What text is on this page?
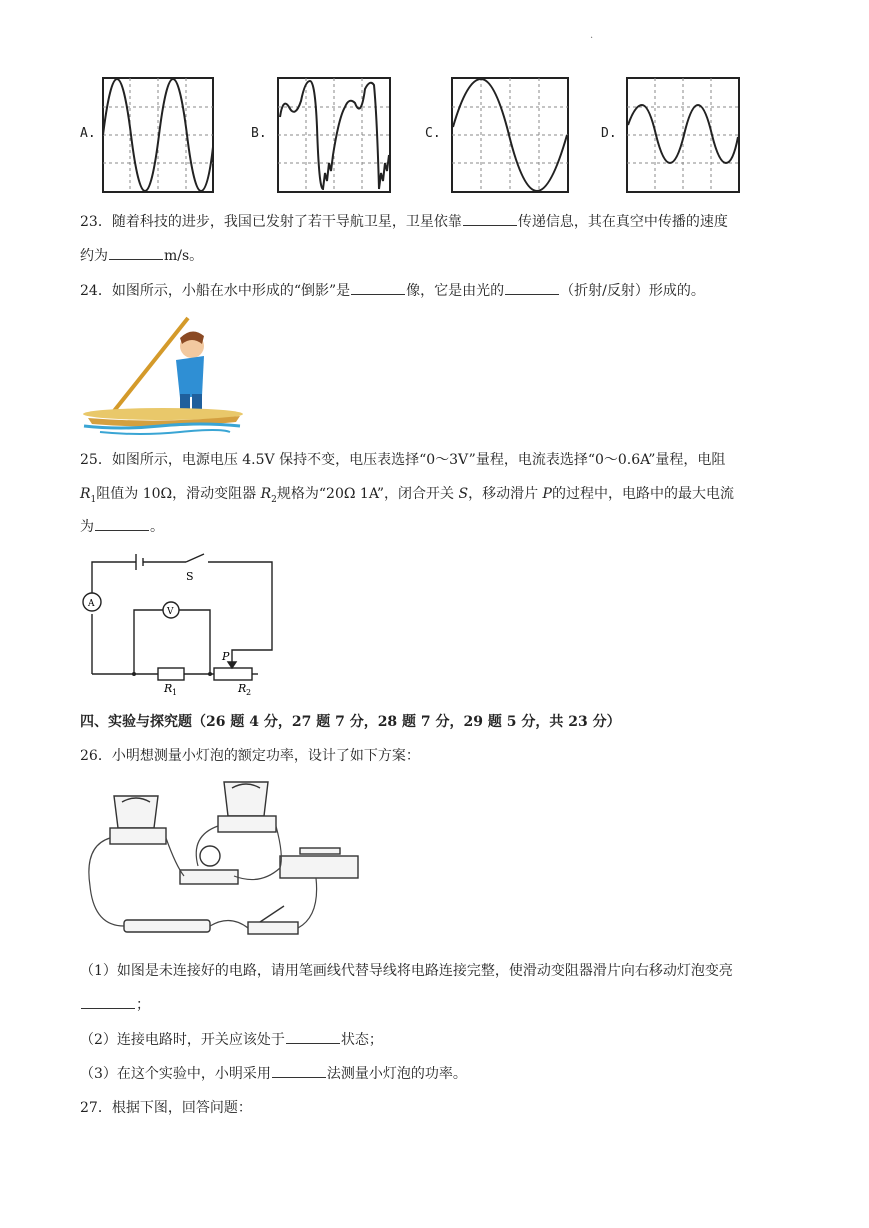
.
A.	B.	C.	D.
23．随着科技的进步，我国已发射了若干导航卫星，卫星依靠	传递信息，其在真空中传播的速度
约为	m/s。
24．如图所示，小船在水中形成的“倒影”是	像，它是由光的	（折射/反射）形成的。
25．如图所示，电源电压 4.5V 保持不变，电压表选择“0～3V”量程，电流表选择“0～0.6A”量程，电阻
$R_1$阻值为 10Ω，滑动变阻器 $R_2$规格为“20Ω 1A”，闭合开关 S，移动滑片 P的过程中，电路中的最大电流
为	。
A
V
S
P
R 1	R 2
四、实验与探究题（26 题 4 分，27 题 7 分，28 题 7 分，29 题 5 分，共 23 分）
26．小明想测量小灯泡的额定功率，设计了如下方案：
（1）如图是未连接好的电路，请用笔画线代替导线将电路连接完整，使滑动变阻器滑片向右移动灯泡变亮
；
（2）连接电路时，开关应该处于	状态；
（3）在这个实验中，小明采用	法测量小灯泡的功率。
27．根据下图，回答问题：
